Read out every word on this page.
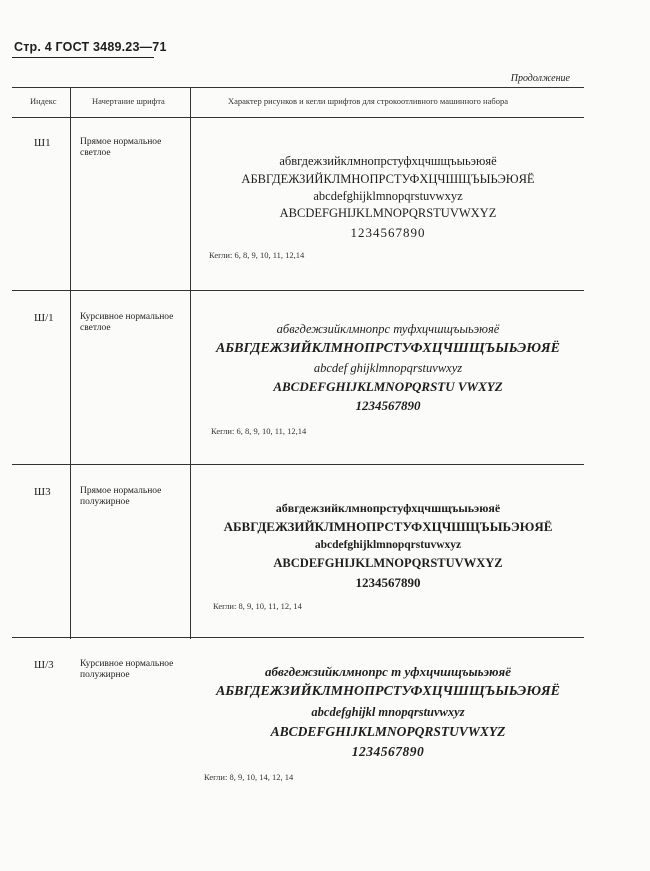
Стр. 4 ГОСТ 3489.23—71
Продолжение
Индекс	Начертание шрифта	Характер рисунков и кегли шрифтов для строкоотливного машинного набора
Ш1	Прямое нормальное светлое
абвгдежзийклмнопрстуфхцчшщъыьэюяё
АБВГДЕЖЗИЙКЛМНОПРСТУФХЦЧШЩЪЫЬЭЮЯЁ
abcdefghijklmnopqrstuvwxyz
ABCDEFGHIJKLMNOPQRSTUVWXYZ
1234567890
Кегли: 6, 8, 9, 10, 11, 12,14
Ш/1	Курсивное нормальное светлое	абвгдежзийклмнопрс туфхцчшщъыьэюяё
АБВГДЕЖЗИЙКЛМНОПРСТУФХЦЧШЩЪЫЬЭЮЯЁ
abcdef ghijklmnopqrstuvwxyz
ABCDEFGHIJKLMNOPQRSTU VWXYZ
1234567890
Кегли: 6, 8, 9, 10, 11, 12,14
Ш3	Прямое нормальное полужирное	абвгдежзийклмнопрстуфхцчшщъыьэюяё
АБВГДЕЖЗИЙКЛМНОПРСТУФХЦЧШЩЪЫЬЭЮЯЁ
abcdefghijklmnopqrstuvwxyz
ABCDEFGHIJKLMNOPQRSTUVWXYZ
1234567890
Кегли: 8, 9, 10, 11, 12, 14
Ш/3	Курсивное нормальное полужирное	абвгдежзийклмнопрс т уфхцчшщъыьэюяё
АБВГДЕЖЗИЙКЛМНОПРСТУФХЦЧШЩЪЫЬЭЮЯЁ
abcdefghijkl mnopqrstuvwxyz
ABCDEFGHIJKLMNOPQRSTUVWXYZ
1234567890
Кегли: 8, 9, 10, 14, 12, 14
